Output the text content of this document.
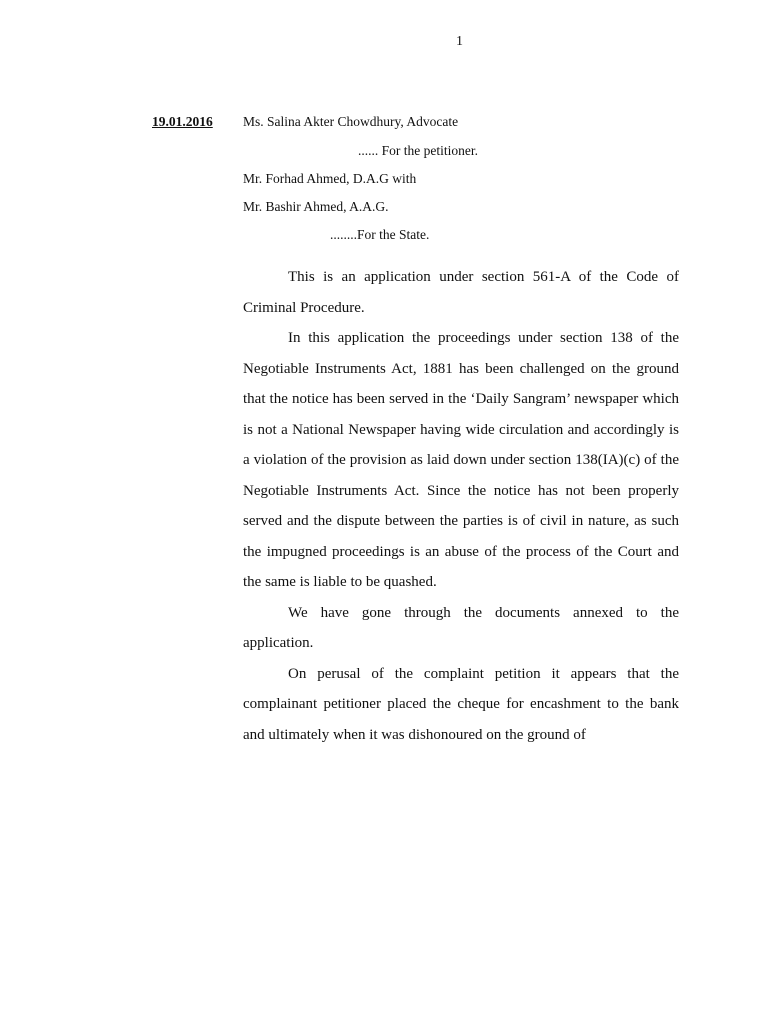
1
19.01.2016 Ms. Salina Akter Chowdhury, Advocate
...... For the petitioner.
Mr. Forhad Ahmed, D.A.G with
Mr. Bashir Ahmed, A.A.G.
........For the State.

This is an application under section 561-A of the Code of Criminal Procedure.

In this application the proceedings under section 138 of the Negotiable Instruments Act, 1881 has been challenged on the ground that the notice has been served in the ‘Daily Sangram’ newspaper which is not a National Newspaper having wide circulation and accordingly is a violation of the provision as laid down under section 138(IA)(c) of the Negotiable Instruments Act. Since the notice has not been properly served and the dispute between the parties is of civil in nature, as such the impugned proceedings is an abuse of the process of the Court and the same is liable to be quashed.

We have gone through the documents annexed to the application.

On perusal of the complaint petition it appears that the complainant petitioner placed the cheque for encashment to the bank and ultimately when it was dishonoured on the ground of
